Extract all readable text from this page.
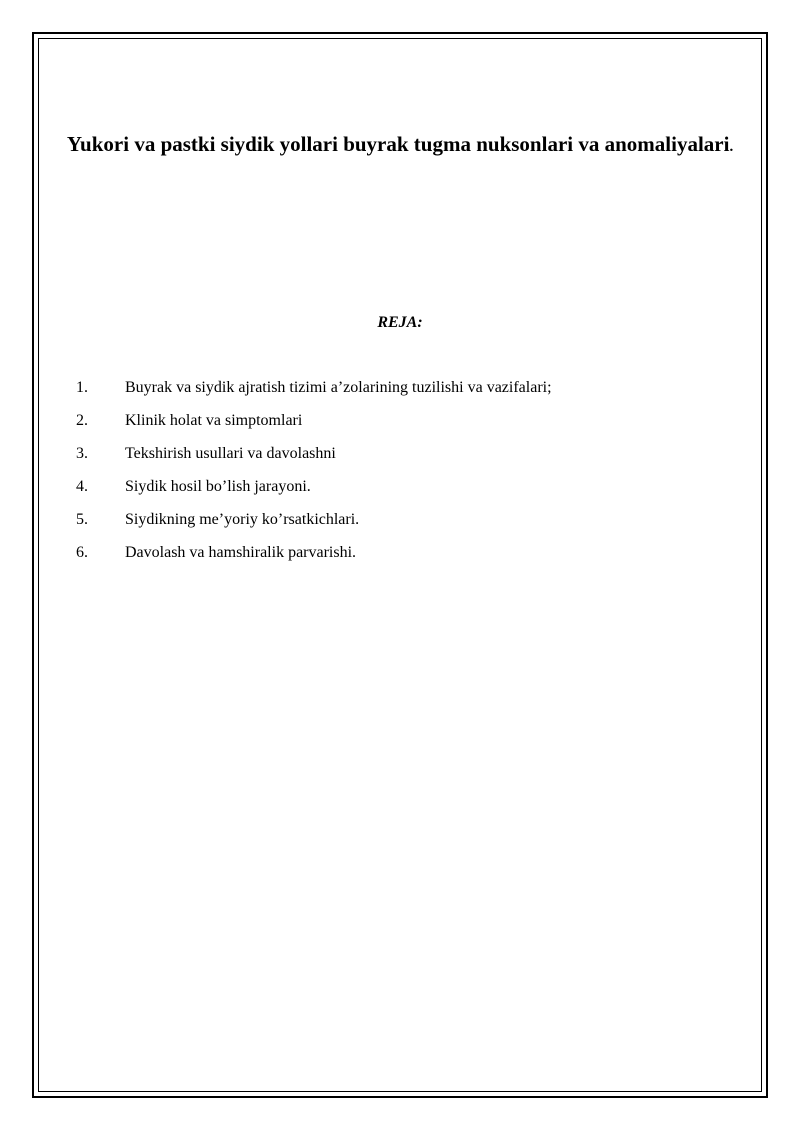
Yukori va pastki siydik yollari buyrak tugma nuksonlari va anomaliyalari.
REJA:
1. Buyrak va siydik ajratish tizimi a’zolarining tuzilishi va vazifalari;
2. Klinik holat va simptomlari
3. Tekshirish usullari va davolashni
4. Siydik hosil bo’lish jarayoni.
5. Siydikning me’yoriy ko’rsatkichlari.
6. Davolash va hamshiralik parvarishi.
